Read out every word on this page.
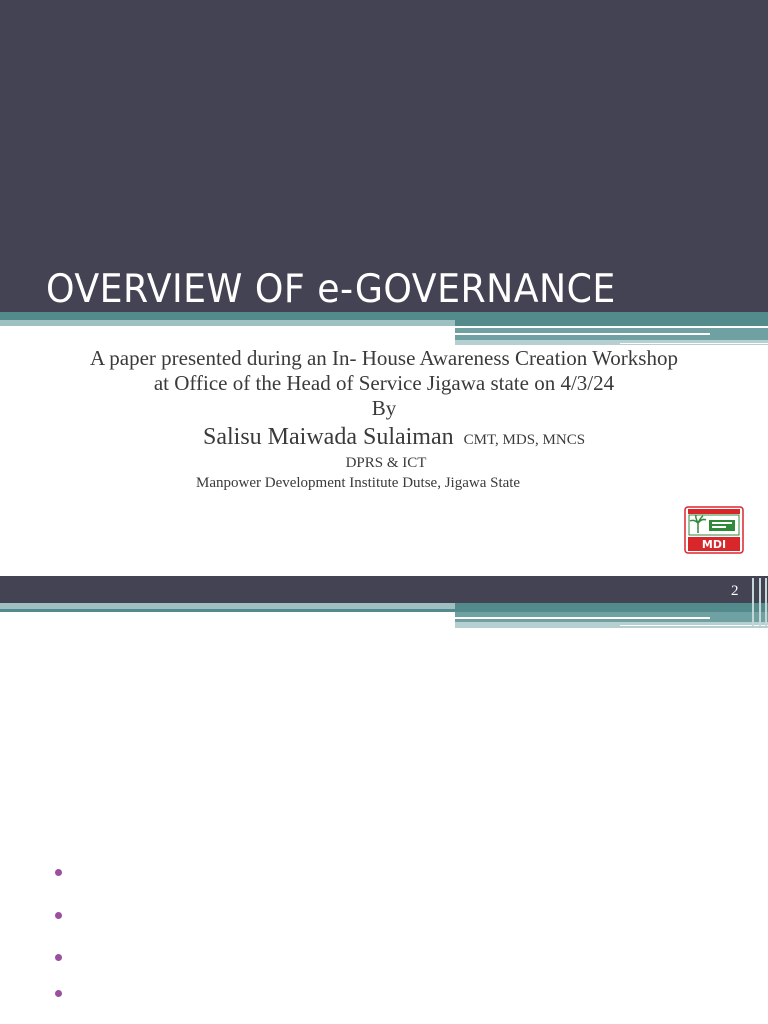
OVERVIEW OF e-GOVERNANCE

A paper presented during an In- House Awareness Creation Workshop

at Office of the Head of Service Jigawa state on 4/3/24

By

Salisu Maiwada Sulaiman CMT, MDS, MNCS
DPRS & ICT
Manpower Development Institute Dutse, Jigawa State
MDI
2
